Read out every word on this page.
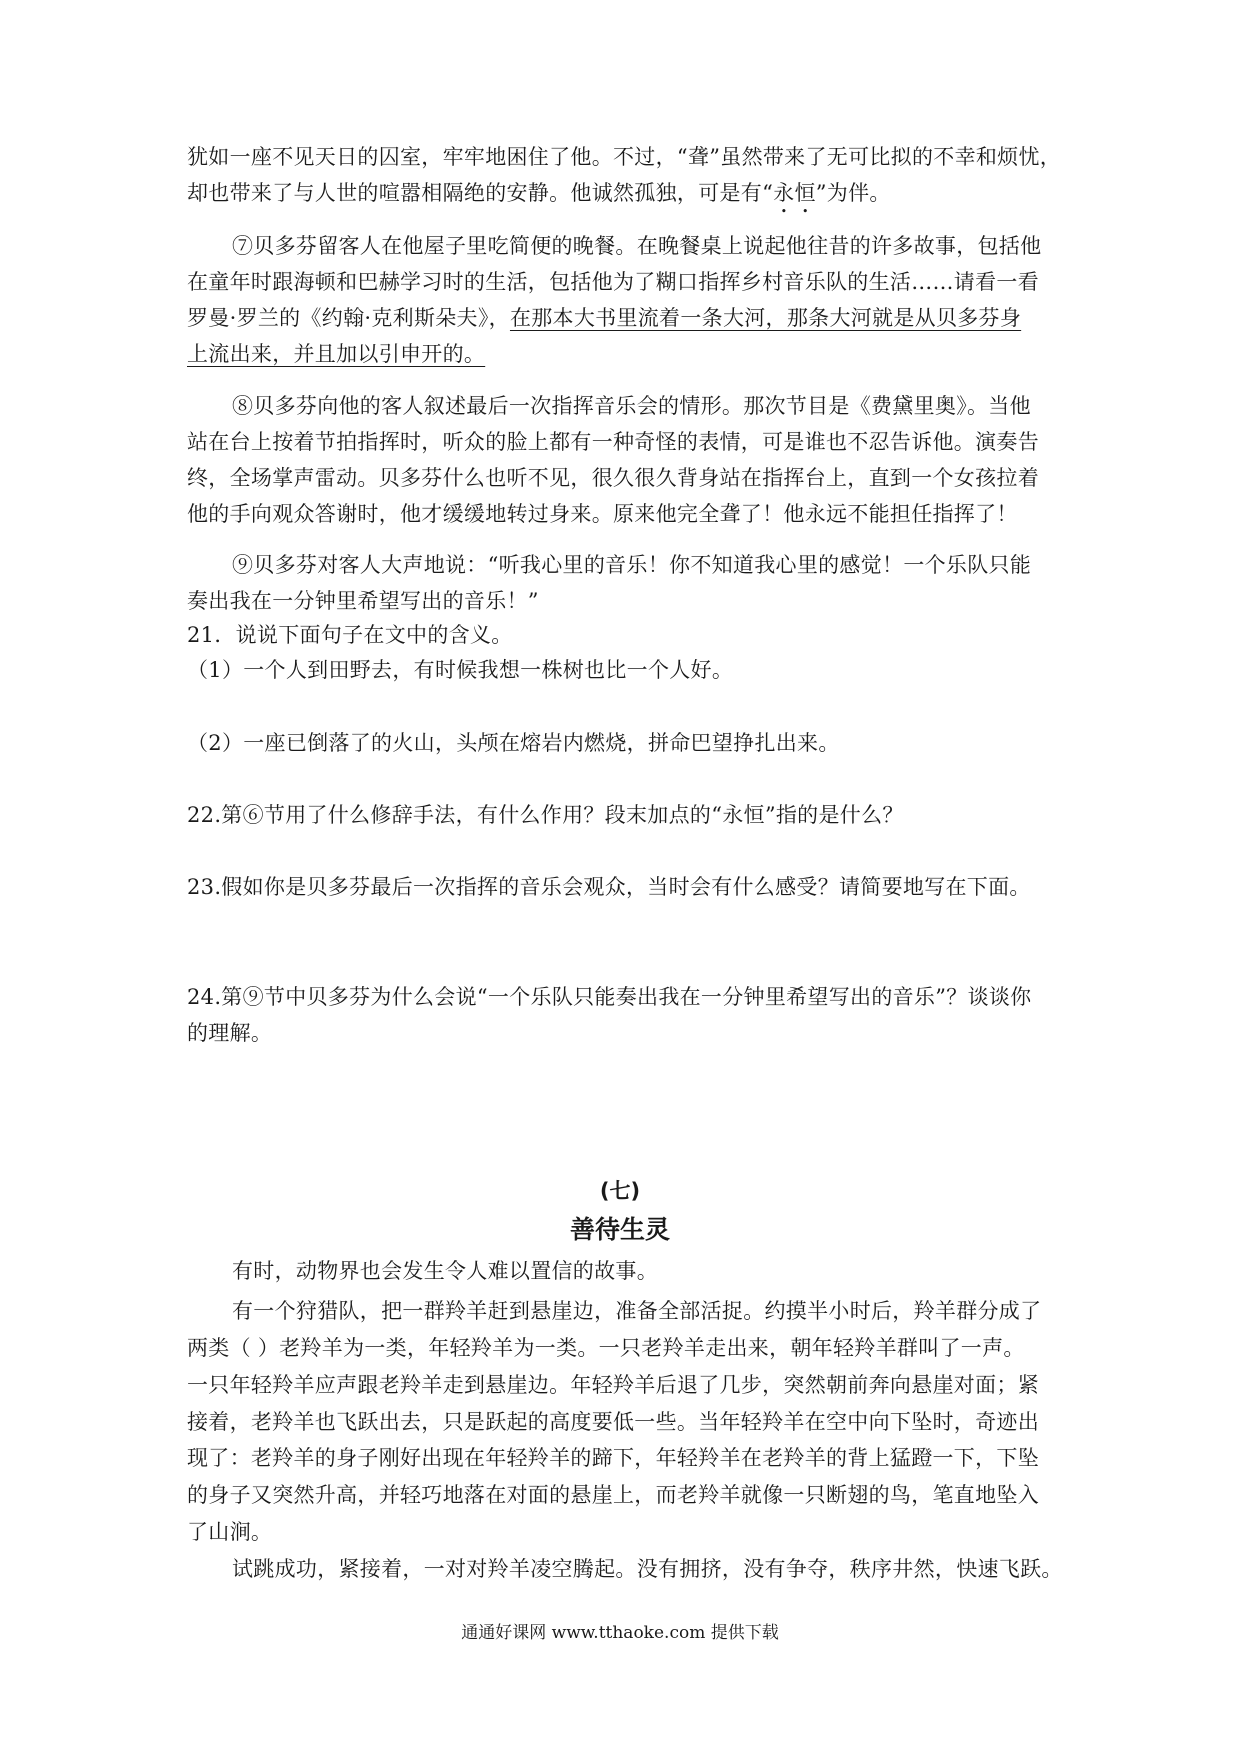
犹如一座不见天日的囚室，牢牢地困住了他。不过，“聋”虽然带来了无可比拟的不幸和烦忧，
却也带来了与人世的喧嚣相隔绝的安静。他诚然孤独，可是有“永恒”为伴。
⑦贝多芬留客人在他屋子里吃简便的晚餐。在晚餐桌上说起他往昔的许多故事，包括他
在童年时跟海顿和巴赫学习时的生活，包括他为了糊口指挥乡村音乐队的生活……请看一看
罗曼·罗兰的《约翰·克利斯朵夫》，在那本大书里流着一条大河，那条大河就是从贝多芬身
上流出来，并且加以引申开的。
⑧贝多芬向他的客人叙述最后一次指挥音乐会的情形。那次节目是《费黛里奥》。当他
站在台上按着节拍指挥时，听众的脸上都有一种奇怪的表情，可是谁也不忍告诉他。演奏告
终，全场掌声雷动。贝多芬什么也听不见，很久很久背身站在指挥台上，直到一个女孩拉着
他的手向观众答谢时，他才缓缓地转过身来。原来他完全聋了！他永远不能担任指挥了！
⑨贝多芬对客人大声地说：“听我心里的音乐！你不知道我心里的感觉！一个乐队只能
奏出我在一分钟里希望写出的音乐！”
21．说说下面句子在文中的含义。
（1）一个人到田野去，有时候我想一株树也比一个人好。
（2）一座已倒落了的火山，头颅在熔岩内燃烧，拼命巴望挣扎出来。
22.第⑥节用了什么修辞手法，有什么作用？段末加点的“永恒”指的是什么？
23.假如你是贝多芬最后一次指挥的音乐会观众，当时会有什么感受？请简要地写在下面。
24.第⑨节中贝多芬为什么会说“一个乐队只能奏出我在一分钟里希望写出的音乐”？谈谈你
的理解。
(七)
善待生灵
有时，动物界也会发生令人难以置信的故事。
有一个狩猎队，把一群羚羊赶到悬崖边，准备全部活捉。约摸半小时后，羚羊群分成了
两类（ ）老羚羊为一类，年轻羚羊为一类。一只老羚羊走出来，朝年轻羚羊群叫了一声。
一只年轻羚羊应声跟老羚羊走到悬崖边。年轻羚羊后退了几步，突然朝前奔向悬崖对面；紧
接着，老羚羊也飞跃出去，只是跃起的高度要低一些。当年轻羚羊在空中向下坠时，奇迹出
现了：老羚羊的身子刚好出现在年轻羚羊的蹄下，年轻羚羊在老羚羊的背上猛蹬一下，下坠
的身子又突然升高，并轻巧地落在对面的悬崖上，而老羚羊就像一只断翅的鸟，笔直地坠入
了山涧。
试跳成功，紧接着，一对对羚羊凌空腾起。没有拥挤，没有争夺，秩序井然，快速飞跃。
通通好课网 www.tthaoke.com 提供下载
